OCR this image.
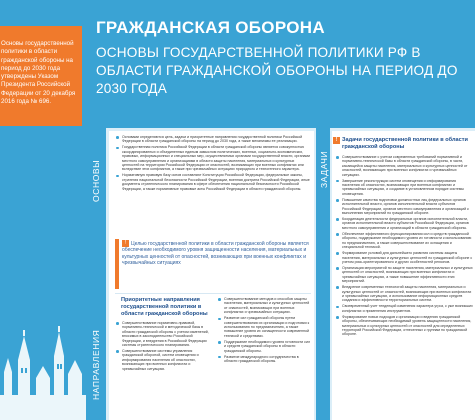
Основы государственной политики в области гражданской обороны на период до 2030 года утверждены Указом Президента Российской Федерации от 20 декабря 2016 года № 696.
ГРАЖДАНСКАЯ ОБОРОНА
ОСНОВЫ ГОСУДАРСТВЕННОЙ ПОЛИТИКИ РФ В ОБЛАСТИ ГРАЖДАНСКОЙ ОБОРОНЫ НА ПЕРИОД ДО 2030 ГОДА
ОСНОВЫ
НАПРАВЛЕНИЯ
Основами определяются цель, задачи и приоритетные направления государственной политики Российской Федерации в области гражданской обороны на период до 2030 года, а также механизмы ее реализации.
Государственная политика Российской Федерации в области гражданской обороны является совокупностью скоординированных и объединенных единым замыслом политических, военных, социально-экономических, правовых, информационных и специальных мер, осуществляемых органами государственной власти, органами местного самоуправления и организациями в области защиты населения, материальных и культурных ценностей на территории Российской Федерации от опасностей, возникающих при военных конфликтах или вследствие этих конфликтов, а также при чрезвычайных ситуациях природного и техногенного характера.
Нормативную правовую базу основ составляют Конституция Российской Федерации, федеральные законы, стратегия национальной безопасности Российской Федерации, военная доктрина Российской Федерации, иные документы стратегического планирования в сфере обеспечения национальной безопасности Российской Федерации, а также нормативные правовые акты Российской Федерации в области гражданской обороны.
! Целью государственной политики в области гражданской обороны является обеспечение необходимого уровня защищенности населения, материальных и культурных ценностей от опасностей, возникающих при военных конфликтах и чрезвычайных ситуациях
Приоритетные направления государственной политики в области гражданской обороны
Совершенствование нормативно-правовой, нормативно-технической и методической базы в области гражданской обороны с учетом изменений, вносимых в законодательство Российской Федерации, и внедрения в Российской Федерации системы стратегического планирования.
Совершенствование системы управления гражданской обороной, систем оповещения и информирования населения об опасностях, возникающих при военных конфликтах и чрезвычайных ситуациях.
Совершенствование методов и способов защиты населения, материальных и культурных ценностей от опасностей, возникающих при военных конфликтах и чрезвычайных ситуациях.
Развитие сил гражданской обороны путем совершенствования их организации и подготовки к использованию по предназначению, а также повышение уровня их оснащенности современной техникой и средствами.
Поддержание необходимого уровня готовности сил и средств гражданской обороны в области гражданской обороны.
Развитие международного сотрудничества в области гражданской обороны.
ЗАДАЧИ
! Задачи государственной политики в области гражданской обороны
Совершенствование с учетом современных требований нормативной и нормативно-технической базы в области гражданской обороны, в части, касающейся защиты населения, материальных и культурных ценностей от опасностей, возникающих при военных конфликтах и чрезвычайных ситуациях.
Завершение реконструкции систем оповещения и информирования населения об опасностях, возникающих при военных конфликтах и чрезвычайных ситуациях, и создание в установленном порядке системы оповещения.
Повышение качества подготовки должностных лиц федеральных органов исполнительной власти, органов исполнительной власти субъектов Российской Федерации, органов местного самоуправления и организаций к выполнению мероприятий по гражданской обороне.
Координация деятельности федеральных органов исполнительной власти, органов исполнительной власти субъектов Российской Федерации, органов местного самоуправления и организаций в области гражданской обороны.
Обеспечение эффективного функционирования сил и средств гражданской обороны, поддержание необходимого уровня их готовности к использованию по предназначению, а также совершенствование их оснащения и специальной техникой.
Формирование условий для дальнейшего развития системы защиты населения, материальных и культурных ценностей по гражданской обороне с учетом риск-ориентированного и других особенностей регионов.
Организация мероприятий по защите населения, материальных и культурных ценностей от опасностей, возникающих при военных конфликтах и чрезвычайных ситуациях, а также повышение эффективности этих мероприятий.
Внедрение современных технологий защиты населения, материальных и культурных ценностей от опасностей, возникающих при военных конфликтах и чрезвычайных ситуациях, и использование информационных средств создания и эффективности территориальных систем.
Своевременный учет тенденций изменения характера угроз, с уже возникших конфликтах и применения инструментов.
Формирование новых подходов к организации и ведению гражданской обороны, обеспечивающих необходимый уровень защищенности населения, материальных и культурных ценностей от опасностей для определенных территорий Российской Федерации, отнесенных к группам по гражданской обороне.
